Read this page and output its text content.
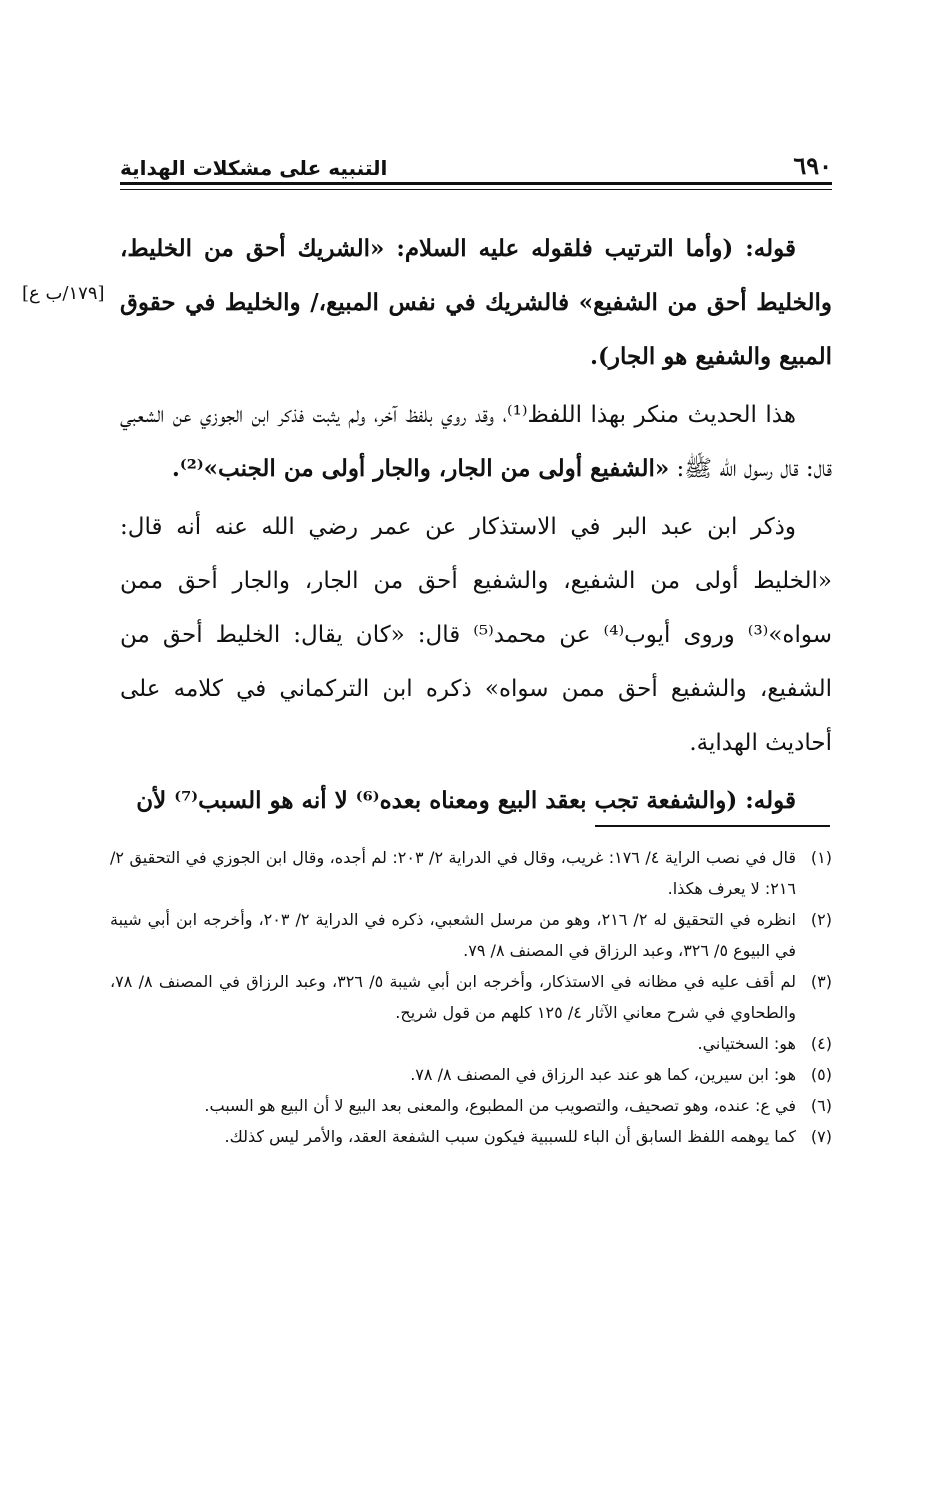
٦٩٠
التنبيه على مشكلات الهداية
[١٧٩/ب ع]

قوله: (وأما الترتيب فلقوله عليه السلام: «الشريك أحق من الخليط، والخليط أحق من الشفيع» فالشريك في نفس المبيع،/ والخليط في حقوق المبيع والشفيع هو الجار).

هذا الحديث منكر بهذا اللفظ⁽¹⁾، وقد روي بلفظ آخر، ولم يثبت فذكر ابن الجوزي عن الشعبي قال: قال رسول الله ﷺ: «الشفيع أولى من الجار، والجار أولى من الجنب»⁽²⁾.

وذكر ابن عبد البر في الاستذكار عن عمر رضي الله عنه أنه قال: «الخليط أولى من الشفيع، والشفيع أحق من الجار، والجار أحق ممن سواه»⁽³⁾ وروى أيوب⁽⁴⁾ عن محمد⁽⁵⁾ قال: «كان يقال: الخليط أحق من الشفيع، والشفيع أحق ممن سواه» ذكره ابن التركماني في كلامه على أحاديث الهداية.

قوله: (والشفعة تجب بعقد البيع ومعناه بعده⁽⁶⁾ لا أنه هو السبب⁽⁷⁾ لأن

(١)
قال في نصب الراية ٤/ ١٧٦: غريب، وقال في الدراية ٢/ ٢٠٣: لم أجده، وقال ابن الجوزي في التحقيق ٢/ ٢١٦: لا يعرف هكذا.
(٢)
انظره في التحقيق له ٢/ ٢١٦، وهو من مرسل الشعبي، ذكره في الدراية ٢/ ٢٠٣، وأخرجه ابن أبي شيبة في البيوع ٥/ ٣٢٦، وعبد الرزاق في المصنف ٨/ ٧٩.
(٣)
لم أقف عليه في مظانه في الاستذكار، وأخرجه ابن أبي شيبة ٥/ ٣٢٦، وعبد الرزاق في المصنف ٨/ ٧٨، والطحاوي في شرح معاني الآثار ٤/ ١٢٥ كلهم من قول شريح.
(٤)
هو: السختياني.
(٥)
هو: ابن سيرين، كما هو عند عبد الرزاق في المصنف ٨/ ٧٨.
(٦)
في ع: عنده، وهو تصحيف، والتصويب من المطبوع، والمعنى بعد البيع لا أن البيع هو السبب.
(٧)
كما يوهمه اللفظ السابق أن الباء للسببية فيكون سبب الشفعة العقد، والأمر ليس كذلك.
